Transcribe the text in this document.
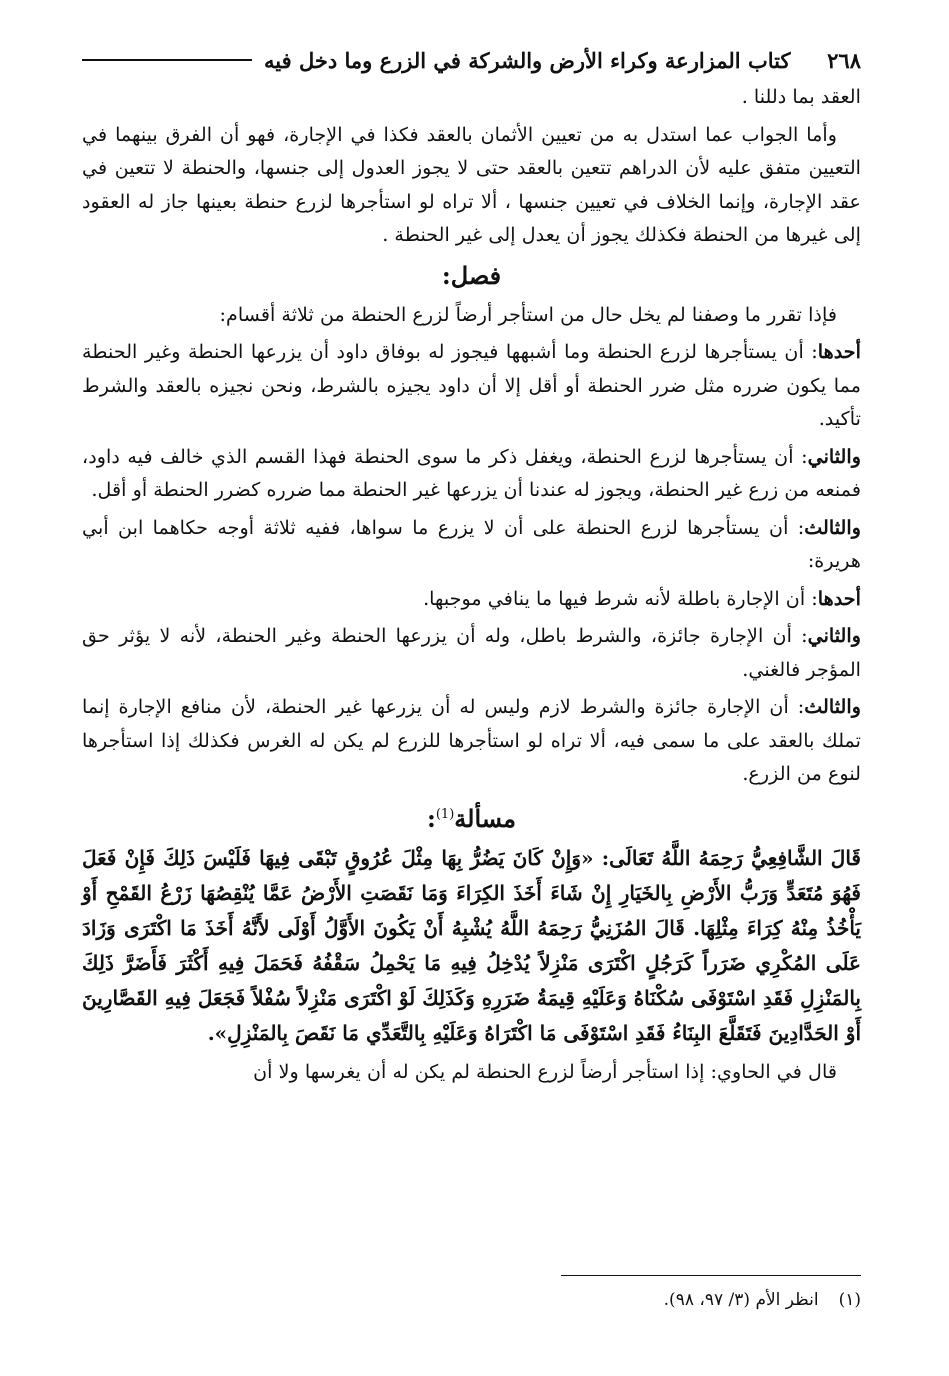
٢٦٨
كتاب المزارعة وكراء الأرض والشركة في الزرع وما دخل فيه

العقد بما دللنا .

وأما الجواب عما استدل به من تعيين الأثمان بالعقد فكذا في الإجارة، فهو أن الفرق بينهما في التعيين متفق عليه لأن الدراهم تتعين بالعقد حتى لا يجوز العدول إلى جنسها، والحنطة لا تتعين في عقد الإجارة، وإنما الخلاف في تعيين جنسها ، ألا تراه لو استأجرها لزرع حنطة بعينها جاز له العقود إلى غيرها من الحنطة فكذلك يجوز أن يعدل إلى غير الحنطة .

فصل:

فإذا تقرر ما وصفنا لم يخل حال من استأجر أرضاً لزرع الحنطة من ثلاثة أقسام:

أحدها: أن يستأجرها لزرع الحنطة وما أشبهها فيجوز له بوفاق داود أن يزرعها الحنطة وغير الحنطة مما يكون ضرره مثل ضرر الحنطة أو أقل إلا أن داود يجيزه بالشرط، ونحن نجيزه بالعقد والشرط تأكيد.

والثاني: أن يستأجرها لزرع الحنطة، ويغفل ذكر ما سوى الحنطة فهذا القسم الذي خالف فيه داود، فمنعه من زرع غير الحنطة، ويجوز له عندنا أن يزرعها غير الحنطة مما ضرره كضرر الحنطة أو أقل.

والثالث: أن يستأجرها لزرع الحنطة على أن لا يزرع ما سواها، ففيه ثلاثة أوجه حكاهما ابن أبي هريرة:

أحدها: أن الإجارة باطلة لأنه شرط فيها ما ينافي موجبها.

والثاني: أن الإجارة جائزة، والشرط باطل، وله أن يزرعها الحنطة وغير الحنطة، لأنه لا يؤثر حق المؤجر فالغني.

والثالث: أن الإجارة جائزة والشرط لازم وليس له أن يزرعها غير الحنطة، لأن منافع الإجارة إنما تملك بالعقد على ما سمى فيه، ألا تراه لو استأجرها للزرع لم يكن له الغرس فكذلك إذا استأجرها لنوع من الزرع.

مسألة$^{(1)}$:

قَالَ الشَّافِعِيُّ رَحِمَهُ اللَّهُ تَعَالَى: «وَإِنْ كَانَ يَضُرُّ بِهَا مِثْلَ عُرُوقٍ تَبْقَى فِيهَا فَلَيْسَ ذَلِكَ فَإِنْ فَعَلَ فَهُوَ مُتَعَدٍّ وَرَبُّ الأَرْضِ بِالخَيَارِ إِنْ شَاءَ أَخَذَ الكِرَاءَ وَمَا نَقَصَتِ الأَرْضُ عَمَّا يُنْقِصُهَا زَرْعُ القَمْحِ أَوْ يَأْخُذُ مِنْهُ كِرَاءَ مِثْلِهَا. قَالَ المُزَنِيُّ رَحِمَهُ اللَّهُ يُشْبِهُ أَنْ يَكُونَ الأَوَّلُ أَوْلَى لأَنَّهُ أَخَذَ مَا اكْتَرَى وَزَادَ عَلَى المُكْرِي ضَرَراً كَرَجُلٍ اكْتَرَى مَنْزِلاً يُدْخِلُ فِيهِ مَا يَحْمِلُ سَقْفُهُ فَحَمَلَ فِيهِ أَكْثَرَ فَأَضَرَّ ذَلِكَ بِالمَنْزِلِ فَقَدِ اسْتَوْفَى سُكْنَاهُ وَعَلَيْهِ قِيمَةُ ضَرَرِهِ وَكَذَلِكَ لَوْ اكْتَرَى مَنْزِلاً سُفْلاً فَجَعَلَ فِيهِ القَصَّارِينَ أَوْ الحَدَّادِينَ فَتَقَلَّعَ البِنَاءُ فَقَدِ اسْتَوْفَى مَا اكْتَرَاهُ وَعَلَيْهِ بِالتَّعَدِّي مَا نَقَصَ بِالمَنْزِلِ».

قال في الحاوي: إذا استأجر أرضاً لزرع الحنطة لم يكن له أن يغرسها ولا أن

(١)
انظر الأم (٣/ ٩٧، ٩٨).
